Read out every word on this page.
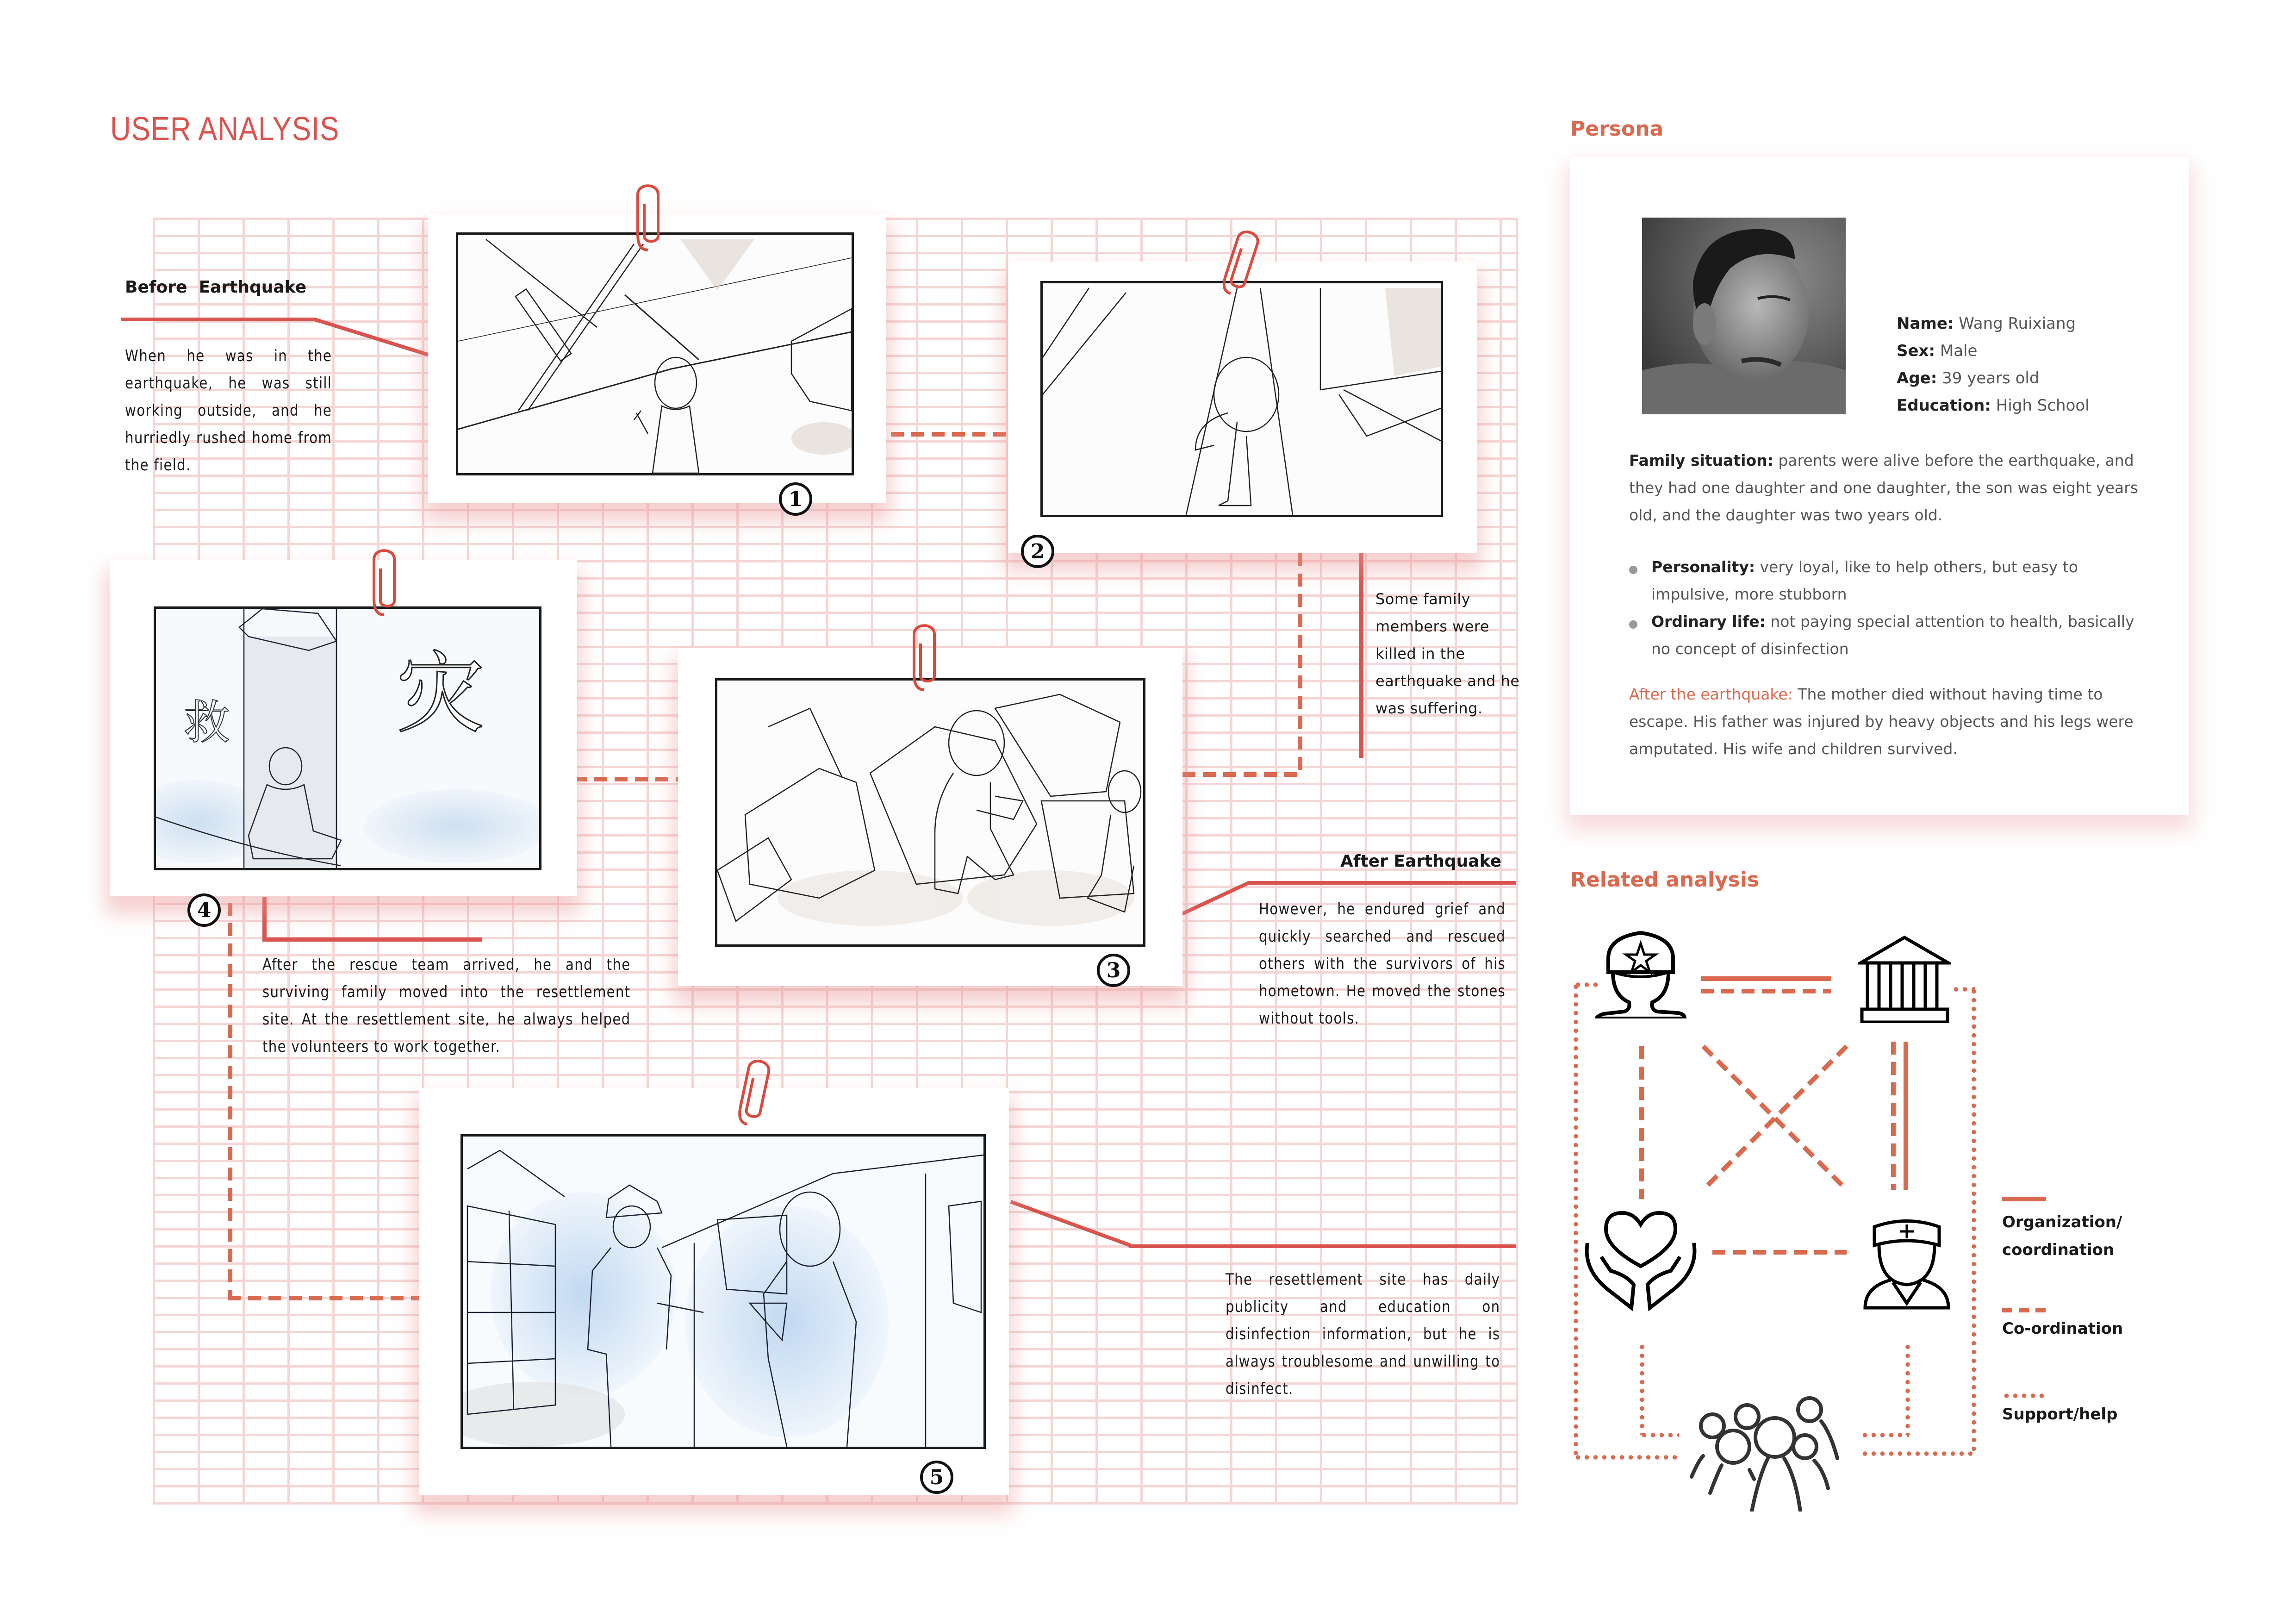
USER ANALYSIS
Before  Earthquake
When he was in the earthquake, he was still working outside, and he hurriedly rushed home from the field.
Some family members were killed in the earthquake and he was suffering.
After Earthquake
However, he endured grief and quickly searched and rescued others with the survivors of his hometown. He moved the stones without tools.
After the rescue team arrived, he and the surviving family moved into the resettlement site. At the resettlement site, he always helped the volunteers to work together.
The resettlement site has daily publicity and education on disinfection information, but he is always troublesome and unwilling to disinfect.
1
2
救 灾
4
3
5
Persona
Name: Wang Ruixiang
Sex: Male
Age: 39 years old
Education: High School
Family situation: parents were alive before the earthquake, and they had one daughter and one daughter, the son was eight years old, and the daughter was two years old.
Personality: very loyal, like to help others, but easy to impulsive, more stubborn
Ordinary life: not paying special attention to health, basically no concept of disinfection
After the earthquake: The mother died without having time to escape. His father was injured by heavy objects and his legs were amputated. His wife and children survived.
Related analysis
Organization/
coordination
Co-ordination
Support/help
